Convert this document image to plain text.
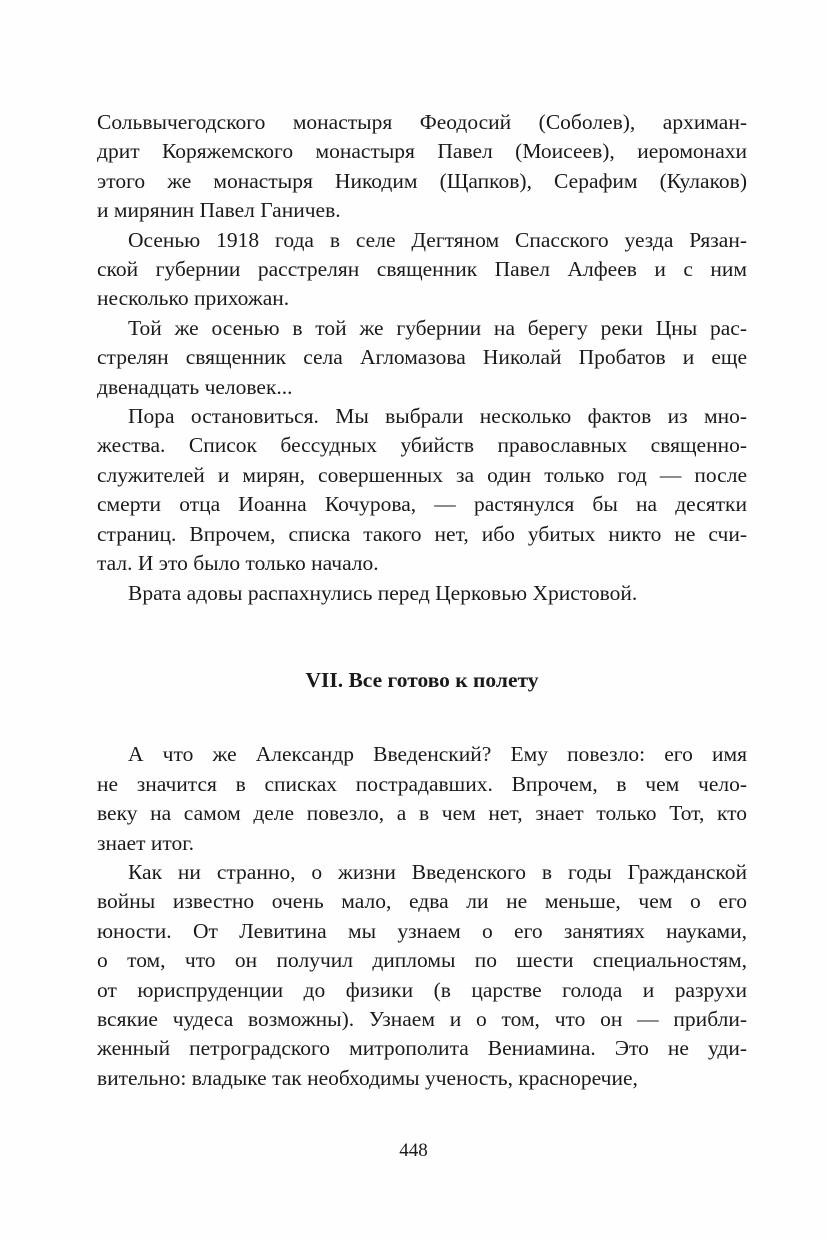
Сольвычегодского монастыря Феодосий (Соболев), архиман-
дрит Коряжемского монастыря Павел (Моисеев), иеромонахи
этого же монастыря Никодим (Щапков), Серафим (Кулаков)
и мирянин Павел Ганичев.

Осенью 1918 года в селе Дегтяном Спасского уезда Рязан-
ской губернии расстрелян священник Павел Алфеев и с ним
несколько прихожан.

Той же осенью в той же губернии на берегу реки Цны рас-
стрелян священник села Агломазова Николай Пробатов и еще
двенадцать человек...

Пора остановиться. Мы выбрали несколько фактов из мно-
жества. Список бессудных убийств православных священно-
служителей и мирян, совершенных за один только год — после
смерти отца Иоанна Кочурова, — растянулся бы на десятки
страниц. Впрочем, списка такого нет, ибо убитых никто не счи-
тал. И это было только начало.

Врата адовы распахнулись перед Церковью Христовой.

VII. Все готово к полету

А что же Александр Введенский? Ему повезло: его имя
не значится в списках пострадавших. Впрочем, в чем чело-
веку на самом деле повезло, а в чем нет, знает только Тот, кто
знает итог.

Как ни странно, о жизни Введенского в годы Гражданской
войны известно очень мало, едва ли не меньше, чем о его
юности. От Левитина мы узнаем о его занятиях науками,
о том, что он получил дипломы по шести специальностям,
от юриспруденции до физики (в царстве голода и разрухи
всякие чудеса возможны). Узнаем и о том, что он — прибли-
женный петроградского митрополита Вениамина. Это не уди-
вительно: владыке так необходимы ученость, красноречие,

448
